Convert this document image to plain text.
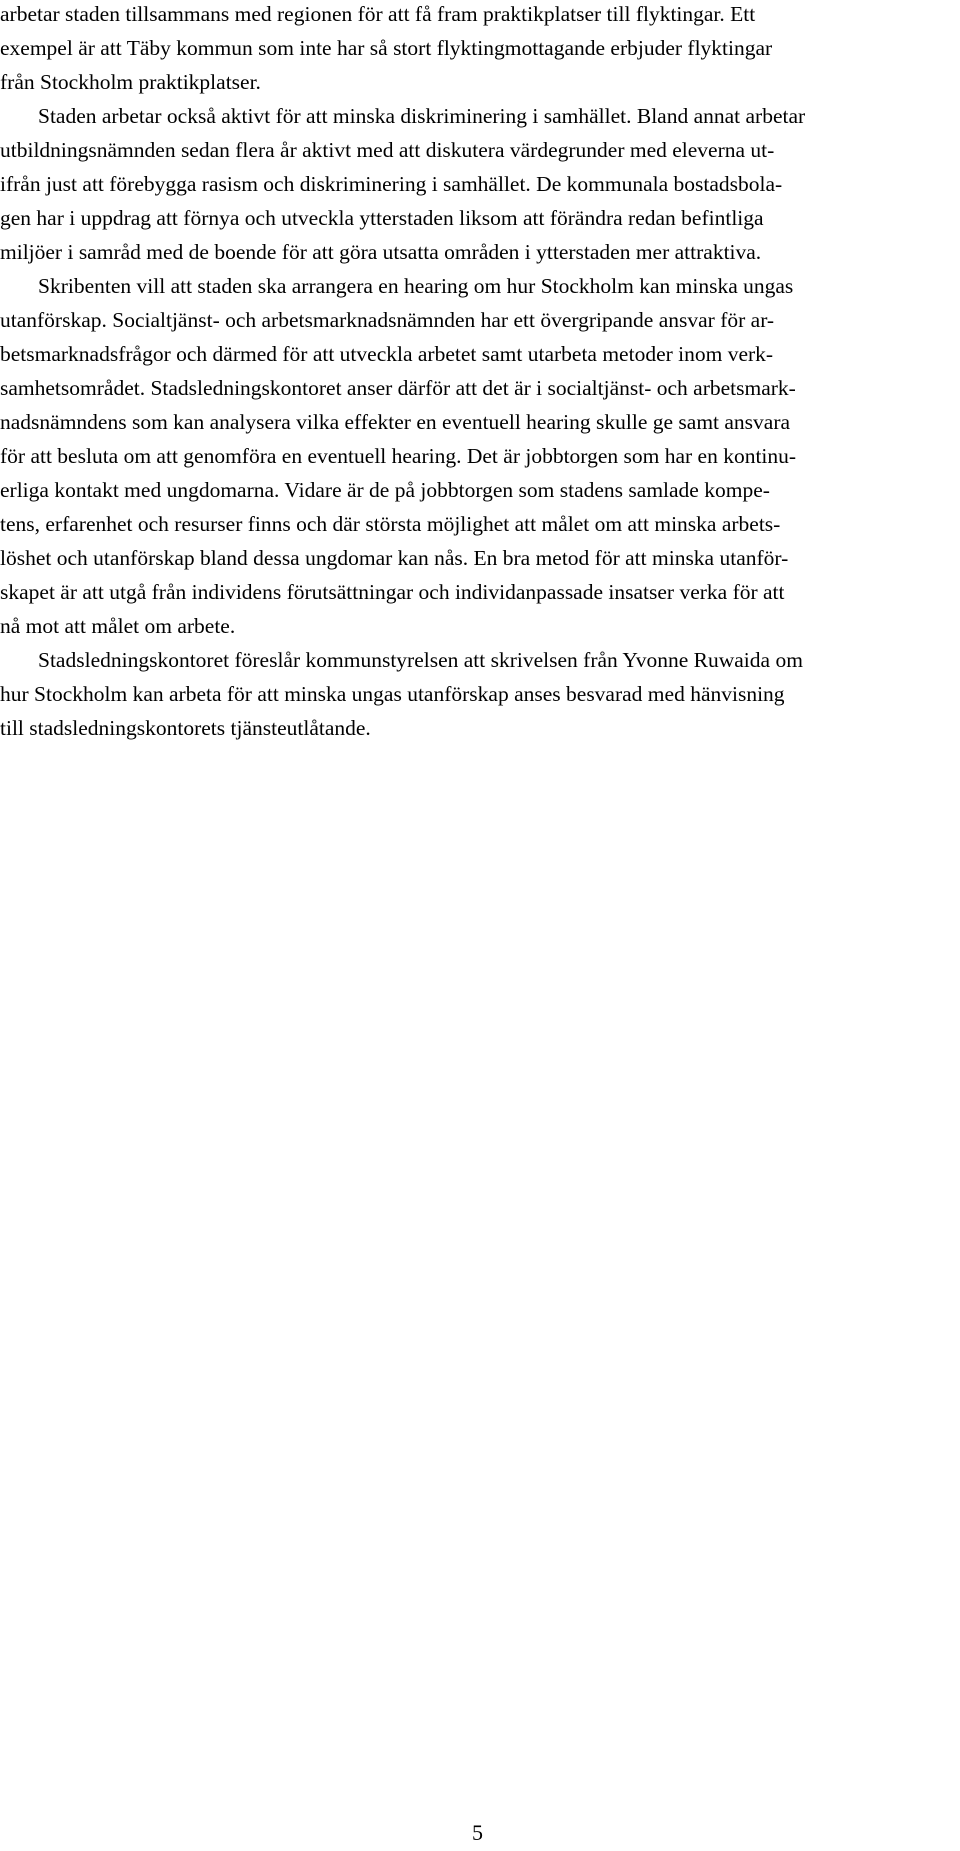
arbetar staden tillsammans med regionen för att få fram praktikplatser till flyktingar. Ett
exempel är att Täby kommun som inte har så stort flyktingmottagande erbjuder flyktingar
från Stockholm praktikplatser.
Staden arbetar också aktivt för att minska diskriminering i samhället. Bland annat arbetar
utbildningsnämnden sedan flera år aktivt med att diskutera värdegrunder med eleverna ut-
ifrån just att förebygga rasism och diskriminering i samhället. De kommunala bostadsbola-
gen har i uppdrag att förnya och utveckla ytterstaden liksom att förändra redan befintliga
miljöer i samråd med de boende för att göra utsatta områden i ytterstaden mer attraktiva.
Skribenten vill att staden ska arrangera en hearing om hur Stockholm kan minska ungas
utanförskap. Socialtjänst- och arbetsmarknadsnämnden har ett övergripande ansvar för ar-
betsmarknadsfrågor och därmed för att utveckla arbetet samt utarbeta metoder inom verk-
samhetsområdet. Stadsledningskontoret anser därför att det är i socialtjänst- och arbetsmark-
nadsnämndens som kan analysera vilka effekter en eventuell hearing skulle ge samt ansvara
för att besluta om att genomföra en eventuell hearing. Det är jobbtorgen som har en kontinu-
erliga kontakt med ungdomarna. Vidare är de på jobbtorgen som stadens samlade kompe-
tens, erfarenhet och resurser finns och där största möjlighet att målet om att minska arbets-
löshet och utanförskap bland dessa ungdomar kan nås. En bra metod för att minska utanför-
skapet är att utgå från individens förutsättningar och individanpassade insatser verka för att
nå mot att målet om arbete.
Stadsledningskontoret föreslår kommunstyrelsen att skrivelsen från Yvonne Ruwaida om
hur Stockholm kan arbeta för att minska ungas utanförskap anses besvarad med hänvisning
till stadsledningskontorets tjänsteutlåtande.
5
